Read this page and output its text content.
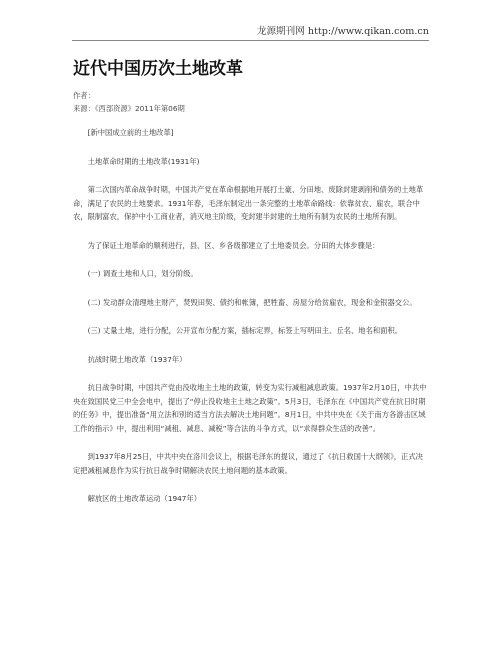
龙源期刊网 http://www.qikan.com.cn
近代中国历次土地改革
作者：
来源：《西部资源》2011年第06期

[新中国成立前的土地改革]

土地革命时期的土地改革(1931年)

第二次国内革命战争时期，中国共产党在革命根据地开展打土豪、分田地、废除封建剥削和债务的土地革命，满足了农民的土地要求。1931年春，毛泽东制定出一条完整的土地革命路线：依靠贫农、雇农，联合中农，限制富农，保护中小工商业者，消灭地主阶级，变封建半封建的土地所有制为农民的土地所有制。

为了保证土地革命的顺利进行，县、区、乡各级都建立了土地委员会。分田的大体步骤是：

(一) 调查土地和人口，划分阶级。

(二) 发动群众清理地主财产，焚毁田契、债约和帐簿，把牲畜、房屋分给贫雇农，现金和金银器交公。

(三) 丈量土地，进行分配，公开宣布分配方案，插标定界，标签上写明田主、丘名、地名和面积。

抗战时期土地改革（1937年）

抗日战争时期，中国共产党由没收地主土地的政策，转变为实行减租减息政策。1937年2月10日，中共中央在致国民党三中全会电中，提出了“停止没收地主土地之政策”。5月3日，毛泽东在《中国共产党在抗日时期的任务》中，提出准备“用立法和别的适当方法去解决土地问题”。8月1日，中共中央在《关于南方各游击区域工作的指示》中，提出利用“减租、减息、减税”等合法的斗争方式，以“求得群众生活的改善”。

到1937年8月25日，中共中央在洛川会议上，根据毛泽东的提议，通过了《抗日救国十大纲领》，正式决定把减租减息作为实行抗日战争时期解决农民土地问题的基本政策。

解放区的土地改革运动（1947年）
